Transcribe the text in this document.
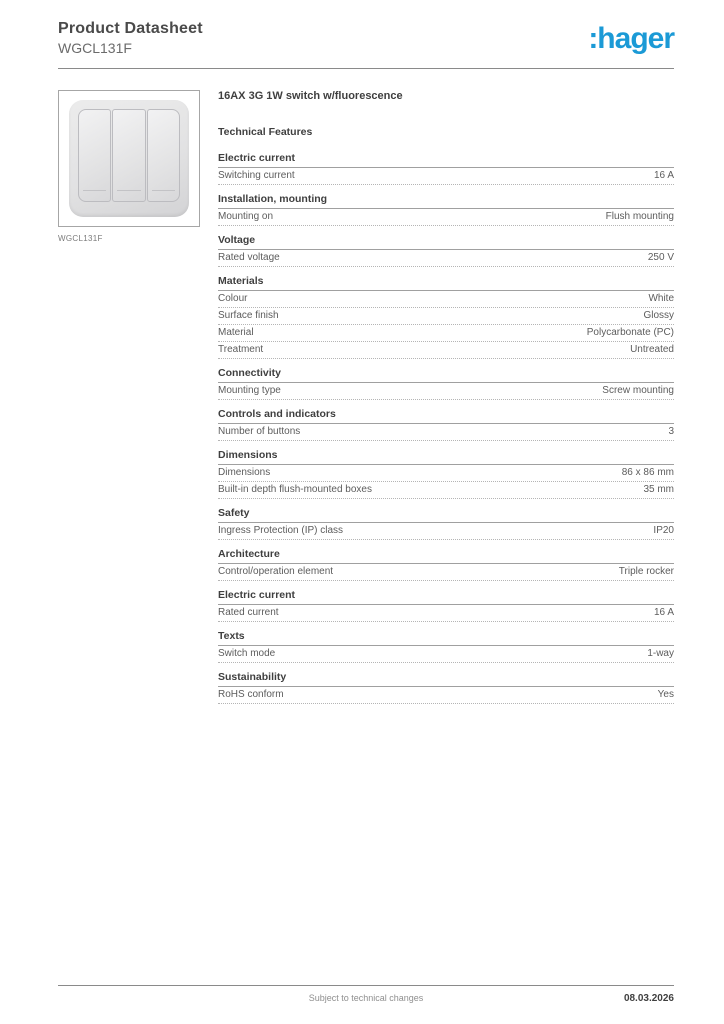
Product Datasheet
WGCL131F	:hager
WGCL131F
16AX 3G 1W switch w/fluorescence
Technical Features
Electric current
Switching current	16 A
Installation, mounting
Mounting on	Flush mounting
Voltage
Rated voltage	250 V
Materials
Colour	White
Surface finish	Glossy
Material	Polycarbonate (PC)
Treatment	Untreated
Connectivity
Mounting type	Screw mounting
Controls and indicators
Number of buttons	3
Dimensions
Dimensions	86 x 86 mm
Built-in depth flush-mounted boxes	35 mm
Safety
Ingress Protection (IP) class	IP20
Architecture
Control/operation element	Triple rocker
Electric current
Rated current	16 A
Texts
Switch mode	1-way
Sustainability
RoHS conform	Yes
Subject to technical changes	08.03.2026
